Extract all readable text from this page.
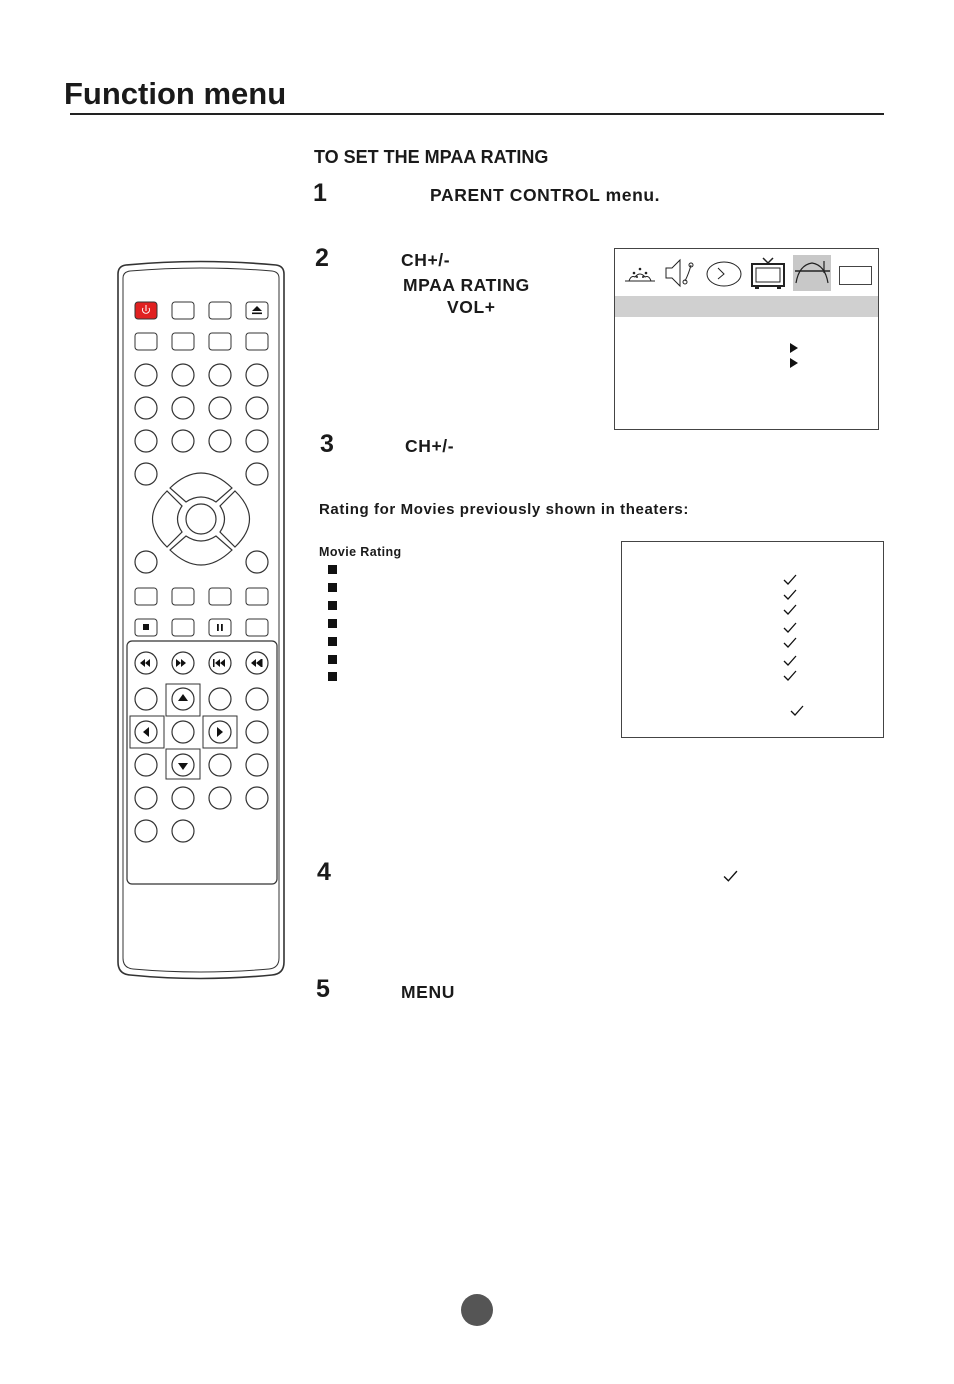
Function menu
TO SET THE MPAA RATING
1	PARENT CONTROL menu.
2	CH+/-
MPAA RATING
VOL+
3	CH+/-
Rating for Movies previously shown in theaters:
Movie Rating
4
5	MENU
